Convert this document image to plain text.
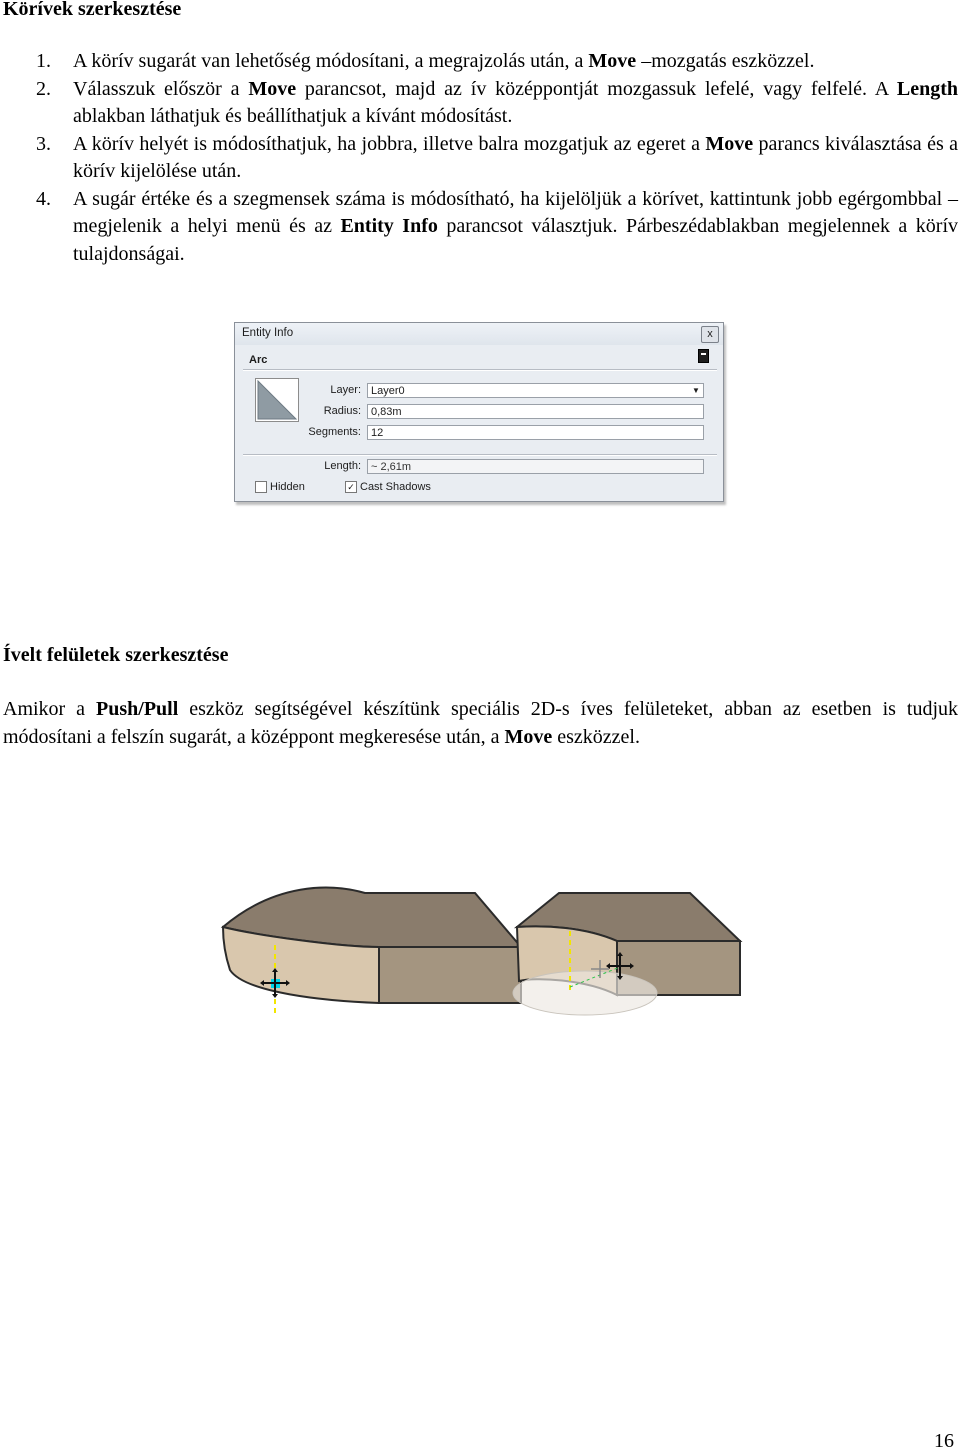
Körívek szerkesztése
1. A körív sugarát van lehetőség módosítani, a megrajzolás után, a Move –mozgatás eszközzel.
2. Válasszuk először a Move parancsot, majd az ív középpontját mozgassuk lefelé, vagy felfelé. A Length ablakban láthatjuk és beállíthatjuk a kívánt módosítást.
3. A körív helyét is módosíthatjuk, ha jobbra, illetve balra mozgatjuk az egeret a Move parancs kiválasztása és a körív kijelölése után.
4. A sugár értéke és a szegmensek száma is módosítható, ha kijelöljük a körívet, kattintunk jobb egérgombbal –megjelenik a helyi menü és az Entity Info parancsot választjuk. Párbeszédablakban megjelennek a körív tulajdonságai.
Entity Info	x
Arc
Layer: Layer0	▼
Radius: 0,83m
Segments: 12
Length: ~ 2,61m
Hidden	✓ Cast Shadows
Ívelt felületek szerkesztése
Amikor a Push/Pull eszköz segítségével készítünk speciális 2D-s íves felületeket, abban az esetben is tudjuk módosítani a felszín sugarát, a középpont megkeresése után, a Move eszközzel.
16
